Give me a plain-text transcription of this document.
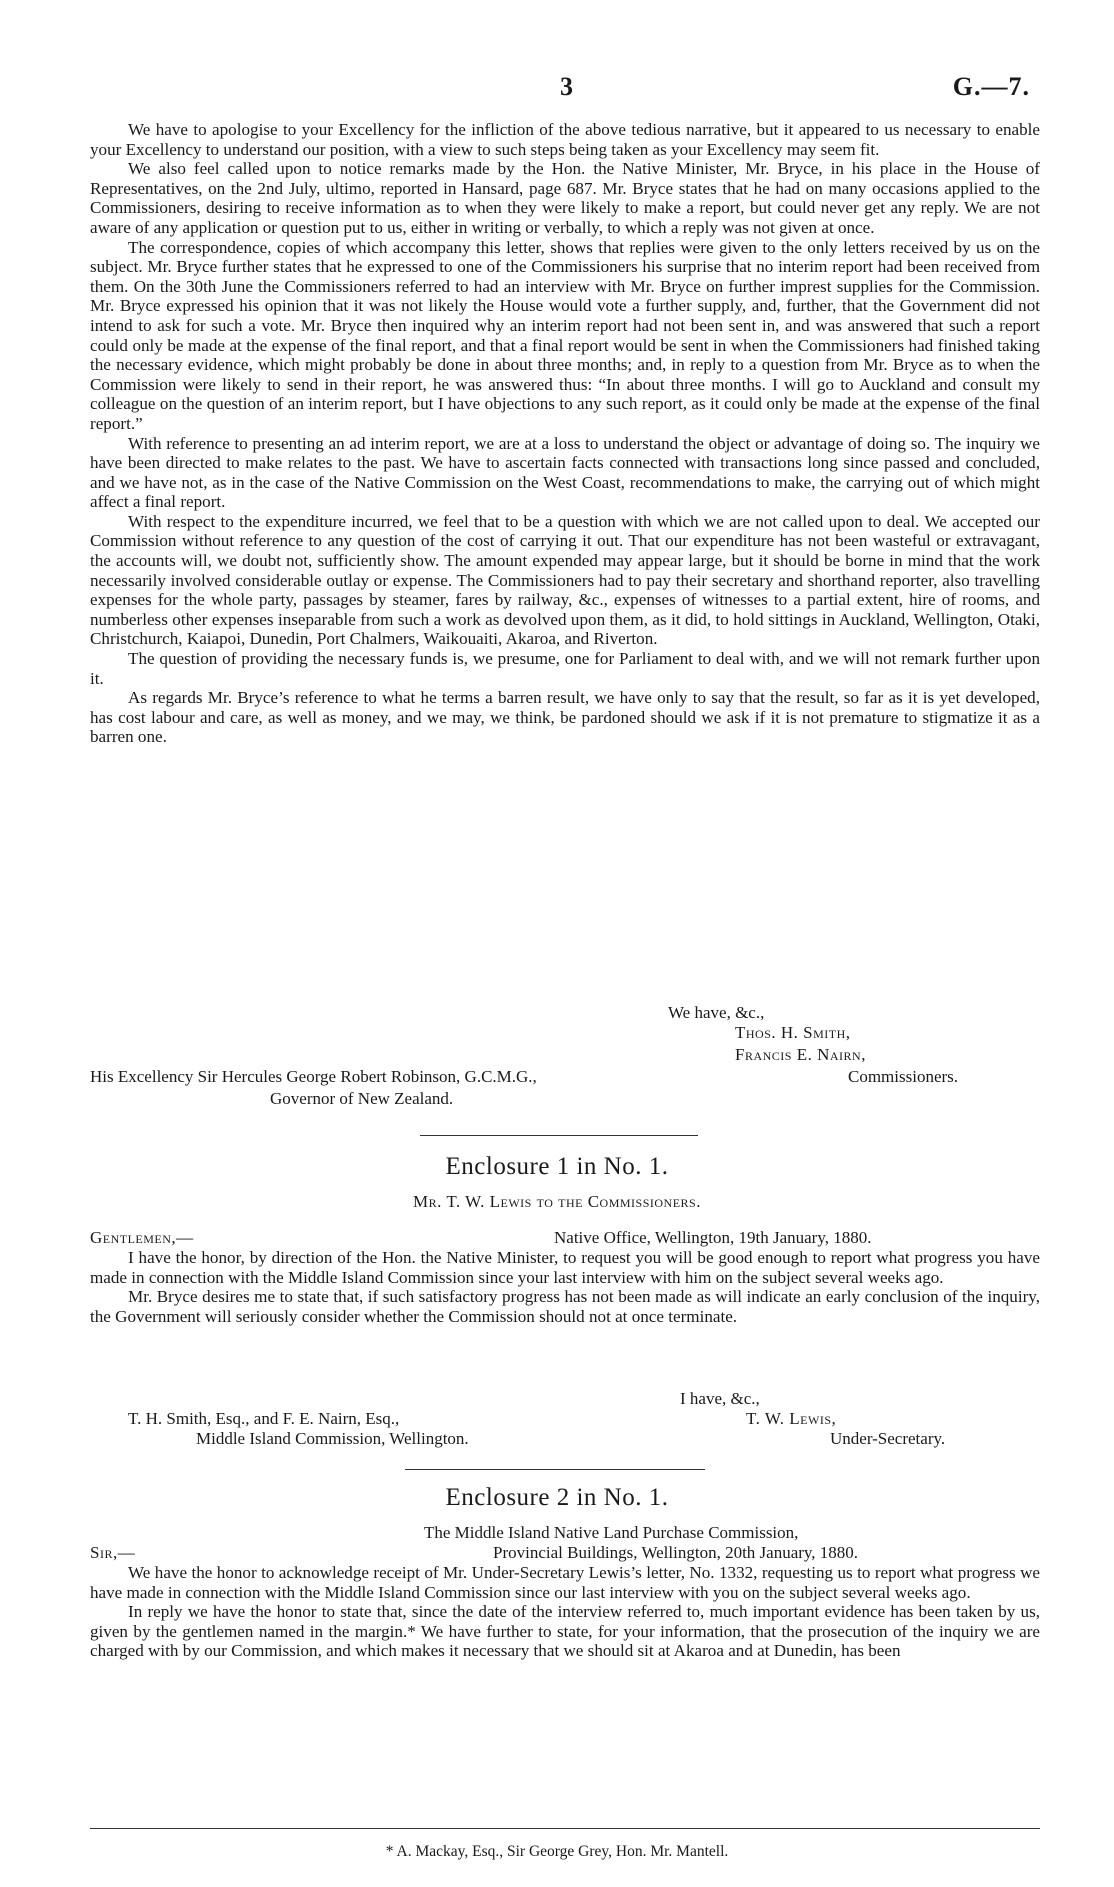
3	G.—7.

We have to apologise to your Excellency for the infliction of the above tedious narrative, but it appeared to us necessary to enable your Excellency to understand our position, with a view to such steps being taken as your Excellency may seem fit.

We also feel called upon to notice remarks made by the Hon. the Native Minister, Mr. Bryce, in his place in the House of Representatives, on the 2nd July, ultimo, reported in Hansard, page 687. Mr. Bryce states that he had on many occasions applied to the Commissioners, desiring to receive information as to when they were likely to make a report, but could never get any reply. We are not aware of any application or question put to us, either in writing or verbally, to which a reply was not given at once.

The correspondence, copies of which accompany this letter, shows that replies were given to the only letters received by us on the subject. Mr. Bryce further states that he expressed to one of the Commissioners his surprise that no interim report had been received from them. On the 30th June the Commissioners referred to had an interview with Mr. Bryce on further imprest supplies for the Commission. Mr. Bryce expressed his opinion that it was not likely the House would vote a further supply, and, further, that the Government did not intend to ask for such a vote. Mr. Bryce then inquired why an interim report had not been sent in, and was answered that such a report could only be made at the expense of the final report, and that a final report would be sent in when the Commissioners had finished taking the necessary evidence, which might probably be done in about three months; and, in reply to a question from Mr. Bryce as to when the Commission were likely to send in their report, he was answered thus: “In about three months. I will go to Auckland and consult my colleague on the question of an interim report, but I have objections to any such report, as it could only be made at the expense of the final report.”

With reference to presenting an ad interim report, we are at a loss to understand the object or advantage of doing so. The inquiry we have been directed to make relates to the past. We have to ascertain facts connected with transactions long since passed and concluded, and we have not, as in the case of the Native Commission on the West Coast, recommendations to make, the carrying out of which might affect a final report.

With respect to the expenditure incurred, we feel that to be a question with which we are not called upon to deal. We accepted our Commission without reference to any question of the cost of carrying it out. That our expenditure has not been wasteful or extravagant, the accounts will, we doubt not, sufficiently show. The amount expended may appear large, but it should be borne in mind that the work necessarily involved considerable outlay or expense. The Commissioners had to pay their secretary and shorthand reporter, also travelling expenses for the whole party, passages by steamer, fares by railway, &c., expenses of witnesses to a partial extent, hire of rooms, and numberless other expenses inseparable from such a work as devolved upon them, as it did, to hold sittings in Auckland, Wellington, Otaki, Christchurch, Kaiapoi, Dunedin, Port Chalmers, Waikouaiti, Akaroa, and Riverton.

The question of providing the necessary funds is, we presume, one for Parliament to deal with, and we will not remark further upon it.

As regards Mr. Bryce’s reference to what he terms a barren result, we have only to say that the result, so far as it is yet developed, has cost labour and care, as well as money, and we may, we think, be pardoned should we ask if it is not premature to stigmatize it as a barren one.

We have, &c.,
Thos. H. Smith,
Francis E. Nairn,
Commissioners.
His Excellency Sir Hercules George Robert Robinson, G.C.M.G.,
Governor of New Zealand.
Enclosure 1 in No. 1.
Mr. T. W. Lewis to the Commissioners.
Gentlemen,—	Native Office, Wellington, 19th January, 1880.

I have the honor, by direction of the Hon. the Native Minister, to request you will be good enough to report what progress you have made in connection with the Middle Island Commission since your last interview with him on the subject several weeks ago.

Mr. Bryce desires me to state that, if such satisfactory progress has not been made as will indicate an early conclusion of the inquiry, the Government will seriously consider whether the Commission should not at once terminate.

I have, &c.,
T. H. Smith, Esq., and F. E. Nairn, Esq.,	T. W. Lewis,
Middle Island Commission, Wellington.	Under-Secretary.
Enclosure 2 in No. 1.
The Middle Island Native Land Purchase Commission,
Sir,—	Provincial Buildings, Wellington, 20th January, 1880.

We have the honor to acknowledge receipt of Mr. Under-Secretary Lewis’s letter, No. 1332, requesting us to report what progress we have made in connection with the Middle Island Commission since our last interview with you on the subject several weeks ago.

In reply we have the honor to state that, since the date of the interview referred to, much important evidence has been taken by us, given by the gentlemen named in the margin.* We have further to state, for your information, that the prosecution of the inquiry we are charged with by our Commission, and which makes it necessary that we should sit at Akaroa and at Dunedin, has been

* A. Mackay, Esq., Sir George Grey, Hon. Mr. Mantell.
